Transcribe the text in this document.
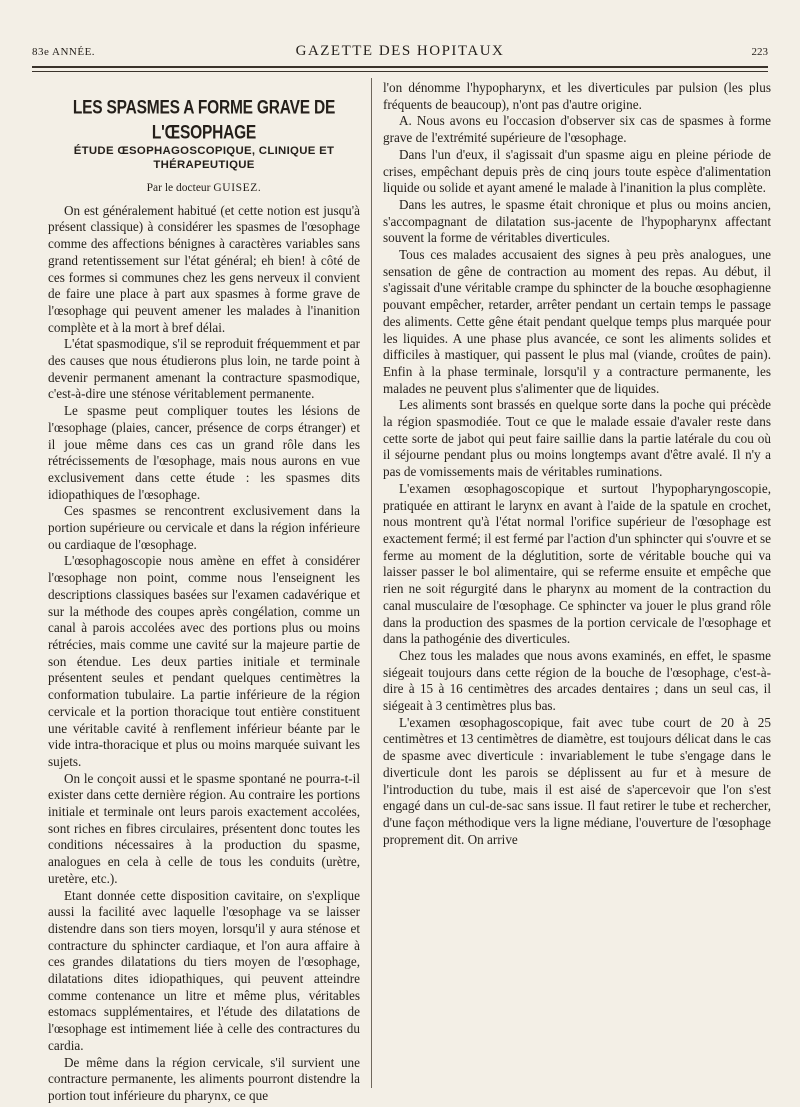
83e ANNÉE.	GAZETTE DES HOPITAUX	223
LES SPASMES A FORME GRAVE DE L'ŒSOPHAGE
ÉTUDE ŒSOPHAGOSCOPIQUE, CLINIQUE ET THÉRAPEUTIQUE
Par le docteur GUISEZ.

On est généralement habitué (et cette notion est jusqu'à présent classique) à considérer les spasmes de l'œsophage comme des affections bénignes à caractères variables sans grand retentissement sur l'état général; eh bien! à côté de ces formes si communes chez les gens nerveux il convient de faire une place à part aux spasmes à forme grave de l'œsophage qui peuvent amener les malades à l'inanition complète et à la mort à bref délai.

L'état spasmodique, s'il se reproduit fréquemment et par des causes que nous étudierons plus loin, ne tarde point à devenir permanent amenant la contracture spasmodique, c'est-à-dire une sténose véritablement permanente.

Le spasme peut compliquer toutes les lésions de l'œsophage (plaies, cancer, présence de corps étranger) et il joue même dans ces cas un grand rôle dans les rétrécissements de l'œsophage, mais nous aurons en vue exclusivement dans cette étude : les spasmes dits idiopathiques de l'œsophage.

Ces spasmes se rencontrent exclusivement dans la portion supérieure ou cervicale et dans la région inférieure ou cardiaque de l'œsophage.

L'œsophagoscopie nous amène en effet à considérer l'œsophage non point, comme nous l'enseignent les descriptions classiques basées sur l'examen cadavérique et sur la méthode des coupes après congélation, comme un canal à parois accolées avec des portions plus ou moins rétrécies, mais comme une cavité sur la majeure partie de son étendue. Les deux parties initiale et terminale présentent seules et pendant quelques centimètres la conformation tubulaire. La partie inférieure de la région cervicale et la portion thoracique tout entière constituent une véritable cavité à renflement inférieur béante par le vide intra-thoracique et plus ou moins marquée suivant les sujets.

On le conçoit aussi et le spasme spontané ne pourra-t-il exister dans cette dernière région. Au contraire les portions initiale et terminale ont leurs parois exactement accolées, sont riches en fibres circulaires, présentent donc toutes les conditions nécessaires à la production du spasme, analogues en cela à celle de tous les conduits (urètre, uretère, etc.).

Etant donnée cette disposition cavitaire, on s'explique aussi la facilité avec laquelle l'œsophage va se laisser distendre dans son tiers moyen, lorsqu'il y aura sténose et contracture du sphincter cardiaque, et l'on aura affaire à ces grandes dilatations du tiers moyen de l'œsophage, dilatations dites idiopathiques, qui peuvent atteindre comme contenance un litre et même plus, véritables estomacs supplémentaires, et l'étude des dilatations de l'œsophage est intimement liée à celle des contractures du cardia.

De même dans la région cervicale, s'il survient une contracture permanente, les aliments pourront distendre la portion tout inférieure du pharynx, ce que

l'on dénomme l'hypopharynx, et les diverticules par pulsion (les plus fréquents de beaucoup), n'ont pas d'autre origine.

A. Nous avons eu l'occasion d'observer six cas de spasmes à forme grave de l'extrémité supérieure de l'œsophage.

Dans l'un d'eux, il s'agissait d'un spasme aigu en pleine période de crises, empêchant depuis près de cinq jours toute espèce d'alimentation liquide ou solide et ayant amené le malade à l'inanition la plus complète.

Dans les autres, le spasme était chronique et plus ou moins ancien, s'accompagnant de dilatation sus-jacente de l'hypopharynx affectant souvent la forme de véritables diverticules.

Tous ces malades accusaient des signes à peu près analogues, une sensation de gêne de contraction au moment des repas. Au début, il s'agissait d'une véritable crampe du sphincter de la bouche œsophagienne pouvant empêcher, retarder, arrêter pendant un certain temps le passage des aliments. Cette gêne était pendant quelque temps plus marquée pour les liquides. A une phase plus avancée, ce sont les aliments solides et difficiles à mastiquer, qui passent le plus mal (viande, croûtes de pain). Enfin à la phase terminale, lorsqu'il y a contracture permanente, les malades ne peuvent plus s'alimenter que de liquides.

Les aliments sont brassés en quelque sorte dans la poche qui précède la région spasmodiée. Tout ce que le malade essaie d'avaler reste dans cette sorte de jabot qui peut faire saillie dans la partie latérale du cou où il séjourne pendant plus ou moins longtemps avant d'être avalé. Il n'y a pas de vomissements mais de véritables ruminations.

L'examen œsophagoscopique et surtout l'hypopharyngoscopie, pratiquée en attirant le larynx en avant à l'aide de la spatule en crochet, nous montrent qu'à l'état normal l'orifice supérieur de l'œsophage est exactement fermé; il est fermé par l'action d'un sphincter qui s'ouvre et se ferme au moment de la déglutition, sorte de véritable bouche qui va laisser passer le bol alimentaire, qui se referme ensuite et empêche que rien ne soit régurgité dans le pharynx au moment de la contraction du canal musculaire de l'œsophage. Ce sphincter va jouer le plus grand rôle dans la production des spasmes de la portion cervicale de l'œsophage et dans la pathogénie des diverticules.

Chez tous les malades que nous avons examinés, en effet, le spasme siégeait toujours dans cette région de la bouche de l'œsophage, c'est-à-dire à 15 à 16 centimètres des arcades dentaires ; dans un seul cas, il siégeait à 3 centimètres plus bas.

L'examen œsophagoscopique, fait avec tube court de 20 à 25 centimètres et 13 centimètres de diamètre, est toujours délicat dans le cas de spasme avec diverticule : invariablement le tube s'engage dans le diverticule dont les parois se déplissent au fur et à mesure de l'introduction du tube, mais il est aisé de s'apercevoir que l'on s'est engagé dans un cul-de-sac sans issue. Il faut retirer le tube et rechercher, d'une façon méthodique vers la ligne médiane, l'ouverture de l'œsophage proprement dit. On arrive
